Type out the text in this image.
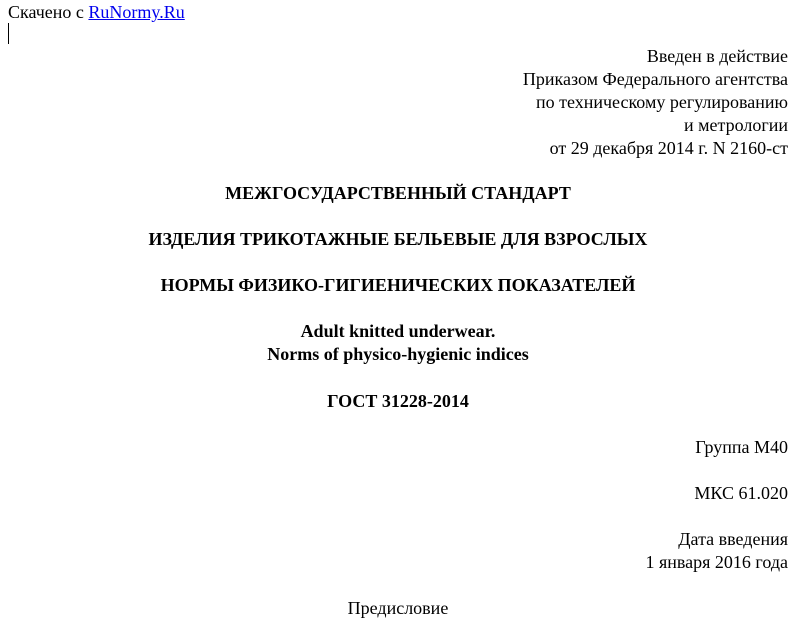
Скачено с RuNormy.Ru
Введен в действие
Приказом Федерального агентства
по техническому регулированию
и метрологии
от 29 декабря 2014 г. N 2160-ст
МЕЖГОСУДАРСТВЕННЫЙ СТАНДАРТ
ИЗДЕЛИЯ ТРИКОТАЖНЫЕ БЕЛЬЕВЫЕ ДЛЯ ВЗРОСЛЫХ
НОРМЫ ФИЗИКО-ГИГИЕНИЧЕСКИХ ПОКАЗАТЕЛЕЙ
Adult knitted underwear.
Norms of physico-hygienic indices
ГОСТ 31228-2014
Группа М40
МКС 61.020
Дата введения
1 января 2016 года
Предисловие
